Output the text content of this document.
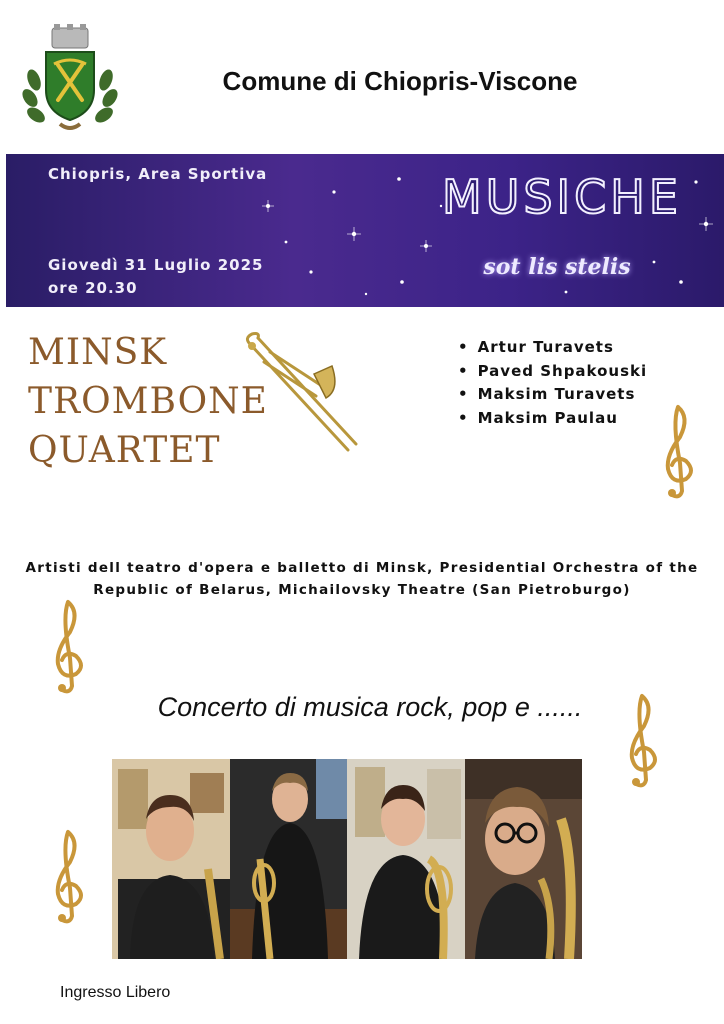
Comune di Chiopris-Viscone
Chiopris, Area Sportiva
Giovedì 31 Luglio 2025
ore 20.30
MUSICHE
sot lis stelis
MINSK
TROMBONE
QUARTET
• Artur Turavets
• Paved Shpakouski
• Maksim Turavets
• Maksim Paulau
Artisti dell teatro d'opera e balletto di Minsk, Presidential Orchestra of the Republic of Belarus, Michailovsky Theatre (San Pietroburgo)
Concerto di musica rock, pop e ......
Ingresso Libero
